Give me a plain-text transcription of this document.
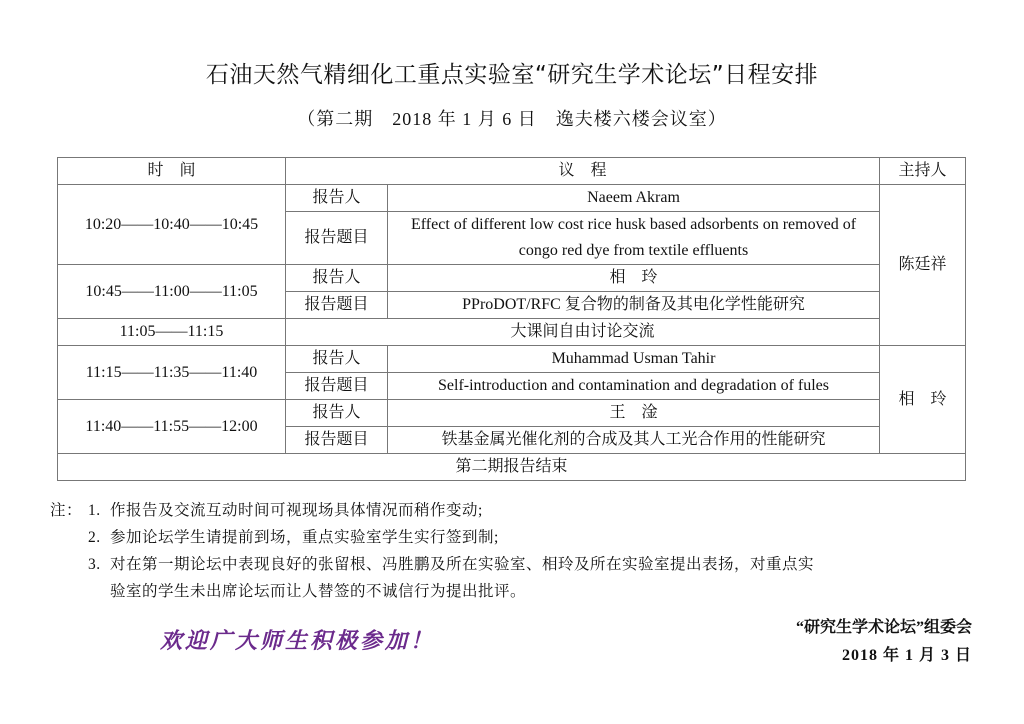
石油天然气精细化工重点实验室“研究生学术论坛”日程安排
（第二期　2018 年 1 月 6 日　逸夫楼六楼会议室）
时　间	议　程		主持人
10:20——10:40——10:45	报告人	Naeem Akram	陈廷祥
	报告题目	Effect of different low cost rice husk based adsorbents on removed of congo red dye from textile effluents	
10:45——11:00——11:05	报告人	相　玲	
	报告题目	PProDOT/RFC 复合物的制备及其电化学性能研究	
11:05——11:15	大课间自由讨论交流		
11:15——11:35——11:40	报告人	Muhammad Usman Tahir	相　玲
	报告题目	Self-introduction and contamination and degradation of fules	
11:40——11:55——12:00	报告人	王　淦	
	报告题目	铁基金属光催化剂的合成及其人工光合作用的性能研究	
第二期报告结束			
注： 1. 作报告及交流互动时间可视现场具体情况而稍作变动;
2. 参加论坛学生请提前到场，重点实验室学生实行签到制;
3. 对在第一期论坛中表现良好的张留根、冯胜鹏及所在实验室、相玲及所在实验室提出表扬，对重点实
验室的学生未出席论坛而让人替签的不诚信行为提出批评。
欢迎广大师生积极参加！
“研究生学术论坛”组委会
2018 年 1 月 3 日
